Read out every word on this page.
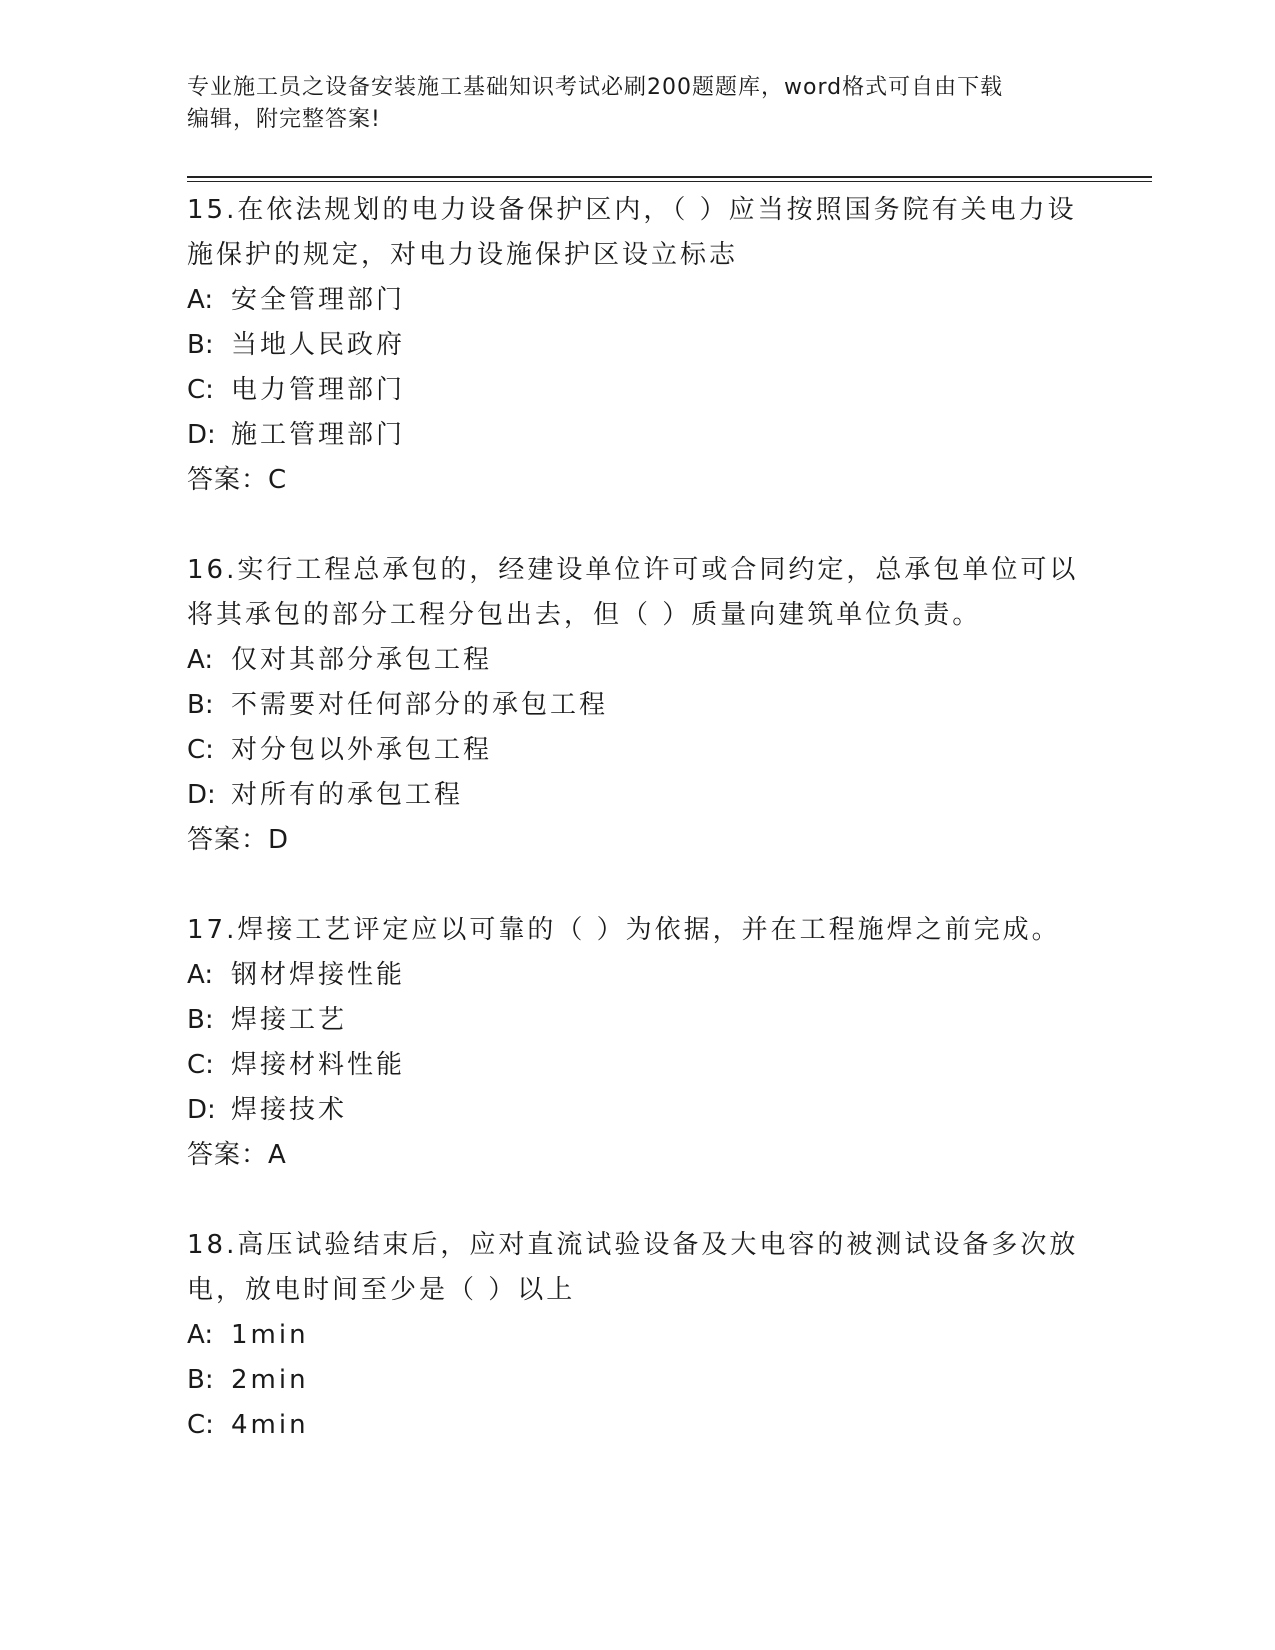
专业施工员之设备安装施工基础知识考试必刷200题题库，word格式可自由下载
编辑，附完整答案!

15.在依法规划的电力设备保护区内，（ ）应当按照国务院有关电力设施保护的规定，对电力设施保护区设立标志

A: 安全管理部门
B: 当地人民政府
C: 电力管理部门
D: 施工管理部门
答案：C

16.实行工程总承包的，经建设单位许可或合同约定，总承包单位可以将其承包的部分工程分包出去，但（ ）质量向建筑单位负责。

A: 仅对其部分承包工程
B: 不需要对任何部分的承包工程
C: 对分包以外承包工程
D: 对所有的承包工程
答案：D

17.焊接工艺评定应以可靠的（ ）为依据，并在工程施焊之前完成。

A: 钢材焊接性能
B: 焊接工艺
C: 焊接材料性能
D: 焊接技术
答案：A

18.高压试验结束后，应对直流试验设备及大电容的被测试设备多次放电，放电时间至少是（ ）以上

A: 1min
B: 2min
C: 4min
